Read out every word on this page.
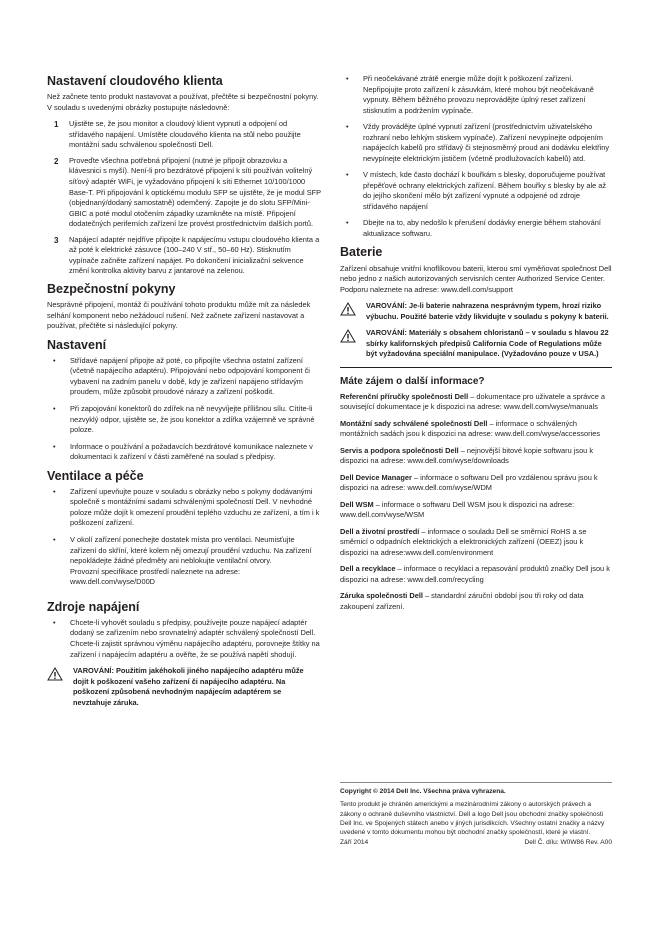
Nastavení cloudového klienta

Než začnete tento produkt nastavovat a používat, přečtěte si bezpečnostní pokyny. V souladu s uvedenými obrázky postupujte následovně:

1	Ujistěte se, že jsou monitor a cloudový klient vypnutí a odpojení od střídavého napájení. Umístěte cloudového klienta na stůl nebo použijte montážní sadu schválenou společností Dell.
2	Proveďte všechna potřebná připojení (nutné je připojit obrazovku a klávesnici s myší). Není-li pro bezdrátové připojení k síti používán volitelný síťový adaptér WiFi, je vyžadováno připojení k síti Ethernet 10/100/1000 Base-T. Při připojování k optickému modulu SFP se ujistěte, že je modul SFP (objednaný/dodaný samostatně) odemčený. Zapojte je do slotu SFP/Mini-GBIC a poté modul otočením západky uzamkněte na místě. Připojení dodatečných periferních zařízení lze provést prostřednictvím dalších portů.
3	Napájecí adaptér nejdříve připojte k napájecímu vstupu cloudového klienta a až poté k elektrické zásuvce (100–240 V stř., 50–60 Hz). Stisknutím vypínače začněte zařízení napájet. Po dokončení inicializační sekvence změní kontrolka aktivity barvu z jantarové na zelenou.
Bezpečnostní pokyny

Nesprávné připojení, montáž či používání tohoto produktu může mít za následek selhání komponent nebo nežádoucí rušení. Než začnete zařízení nastavovat a používat, přečtěte si následující pokyny.

Nastavení
•	Střídavé napájení připojte až poté, co připojíte všechna ostatní zařízení (včetně napájecího adaptéru). Připojování nebo odpojování komponent či vybavení na zadním panelu v době, kdy je zařízení napájeno střídavým proudem, může způsobit proudové nárazy a zařízení poškodit.
•	Při zapojování konektorů do zdířek na ně nevyvíjejte přílišnou sílu. Cítíte-li nezvyklý odpor, ujistěte se, že jsou konektor a zdířka vzájemně ve správné poloze.
•	Informace o používání a požadavcích bezdrátové komunikace naleznete v dokumentaci k zařízení v části zaměřené na soulad s předpisy.
Ventilace a péče
•	Zařízení upevňujte pouze v souladu s obrázky nebo s pokyny dodávanými společně s montážními sadami schválenými společností Dell. V nevhodné poloze může dojít k omezení proudění teplého vzduchu ze zařízení, a tím i k poškození zařízení.
•	V okolí zařízení ponechejte dostatek místa pro ventilaci. Neumisťujte zařízení do skříní, které kolem něj omezují proudění vzduchu. Na zařízení nepokládejte žádné předměty ani neblokujte ventilační otvory.
Provozní specifikace prostředí naleznete na adrese:
www.dell.com/wyse/D00D
Zdroje napájení
•	Chcete-li vyhovět souladu s předpisy, používejte pouze napájecí adaptér dodaný se zařízením nebo srovnatelný adaptér schválený společností Dell. Chcete-li zajistit správnou výměnu napájecího adaptéru, porovnejte štítky na zařízení i napájecím adaptéru a ověřte, že se používá napětí shodují.
VAROVÁNÍ: Použitím jakéhokoli jiného napájecího adaptéru může dojít k poškození vašeho zařízení či napájecího adaptéru. Na poškození způsobená nevhodným napájecím adaptérem se nevztahuje záruka.
•	Při neočekávané ztrátě energie může dojít k poškození zařízení. Nepřipojujte proto zařízení k zásuvkám, které mohou být neočekávaně vypnuty. Během běžného provozu neprovádějte úplný reset zařízení stisknutím a podržením vypínače.
•	Vždy provádějte úplné vypnutí zařízení (prostřednictvím uživatelského rozhraní nebo lehkým stiskem vypínače). Zařízení nevypínejte odpojením napájecích kabelů pro střídavý či stejnosměrný proud ani dodávku elektřiny nevypínejte elektrickým jističem (včetně prodlužovacích kabelů) atd.
•	V místech, kde často dochází k bouřkám s blesky, doporučujeme používat přepěťové ochrany elektrických zařízení. Během bouřky s blesky by ale až do jejího skončení mělo být zařízení vypnuté a odpojené od zdroje střídavého napájení
•	Dbejte na to, aby nedošlo k přerušení dodávky energie během stahování aktualizace softwaru.
Baterie

Zařízení obsahuje vnitřní knoflíkovou baterii, kterou smí vyměňovat společnost Dell nebo jedno z našich autorizovaných servisních center Authorized Service Center. Podporu naleznete na adrese: www.dell.com/support

VAROVÁNÍ: Je-li baterie nahrazena nesprávným typem, hrozí riziko výbuchu. Použité baterie vždy likvidujte v souladu s pokyny k baterii.
VAROVÁNÍ: Materiály s obsahem chloristanů – v souladu s hlavou 22 sbírky kalifornských předpisů California Code of Regulations může být vyžadována speciální manipulace. (Vyžadováno pouze v USA.)
Máte zájem o další informace?

Referenční příručky společnosti Dell – dokumentace pro uživatele a správce a související dokumentace je k dispozici na adrese: www.dell.com/wyse/manuals

Montážní sady schválené společností Dell – informace o schválených montážních sadách jsou k dispozici na adrese: www.dell.com/wyse/accessories

Servis a podpora společnosti Dell – nejnovější bitové kopie softwaru jsou k dispozici na adrese: www.dell.com/wyse/downloads

Dell Device Manager – informace o softwaru Dell pro vzdálenou správu jsou k dispozici na adrese: www.dell.com/wyse/WDM

Dell WSM – informace o softwaru Dell WSM jsou k dispozici na adrese: www.dell.com/wyse/WSM

Dell a životní prostředí – informace o souladu Dell se směrnicí RoHS a se směrnicí o odpadních elektrických a elektronických zařízení (OEEZ) jsou k dispozici na adrese:www.dell.com/environment

Dell a recyklace – informace o recyklaci a repasování produktů značky Dell jsou k dispozici na adrese: www.dell.com/recycling

Záruka společnosti Dell – standardní záruční období jsou tři roky od data zakoupení zařízení.

Copyright © 2014 Dell Inc. Všechna práva vyhrazena.

Tento produkt je chráněn americkými a mezinárodními zákony o autorských právech a zákony o ochraně duševního vlastnictví. Dell a logo Dell jsou obchodní značky společnosti Dell Inc. ve Spojených státech anebo v jiných jurisdikcích. Všechny ostatní značky a názvy uvedené v tomto dokumentu mohou být obchodní značky společností, které je vlastní.

Září 2014	Dell Č. dílu: W0W86 Rev. A00
